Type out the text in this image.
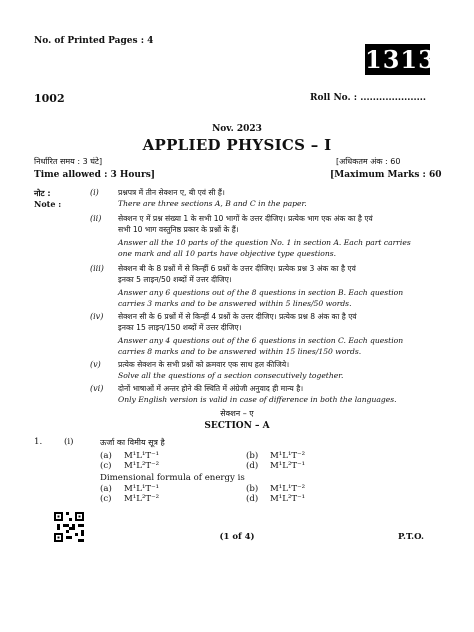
No. of Printed Pages : 4
1313
1002	Roll No. : .....................
Nov. 2023
APPLIED PHYSICS – I
निर्धारित समय : 3 घंटे]
Time allowed : 3 Hours]
[अधिकतम अंक : 60
[Maximum Marks : 60
नोट :
Note :
(i)	प्रश्नपत्र में तीन सेक्शन ए, बी एवं सी हैं।
There are three sections A, B and C in the paper.
(ii) सेक्शन ए में प्रश्न संख्या 1 के सभी 10 भागों के उत्तर दीजिए। प्रत्येक भाग एक अंक का है एवं
सभी 10 भाग वस्तुनिष्ठ प्रकार के प्रश्नों के हैं।
Answer all the 10 parts of the question No. 1 in section A. Each part carries
one mark and all 10 parts have objective type questions.
(iii) सेक्शन बी के 8 प्रश्नों में से किन्हीं 6 प्रश्नों के उत्तर दीजिए। प्रत्येक प्रश्न 3 अंक का है एवं
इनका 5 लाइन/50 शब्दों में उत्तर दीजिए।
Answer any 6 questions out of the 8 questions in section B. Each question
carries 3 marks and to be answered within 5 lines/50 words.
(iv) सेक्शन सी के 6 प्रश्नों में से किन्हीं 4 प्रश्नों के उत्तर दीजिए। प्रत्येक प्रश्न 8 अंक का है एवं
इनका 15 लाइन/150 शब्दों में उत्तर दीजिए।
Answer any 4 questions out of the 6 questions in section C. Each question
carries 8 marks and to be answered within 15 lines/150 words.
(v) प्रत्येक सेक्शन के सभी प्रश्नों को क्रमवार एक साथ हल कीजिये।
Solve all the questions of a section consecutively together.
(vi) दोनों भाषाओं में अन्तर होने की स्थिति में अंग्रेजी अनुवाद ही मान्य है।
Only English version is valid in case of difference in both the languages.
सेक्शन – ए
SECTION – A
1.	(i)	ऊर्जा का विमीय सूत्र है
(a) M¹L¹T⁻¹	(b) M¹L¹T⁻²
(c) M¹L²T⁻²	(d) M¹L²T⁻¹
Dimensional formula of energy is
(a) M¹L¹T⁻¹	(b) M¹L¹T⁻²
(c) M¹L²T⁻²	(d) M¹L²T⁻¹
(1 of 4)	P.T.O.
